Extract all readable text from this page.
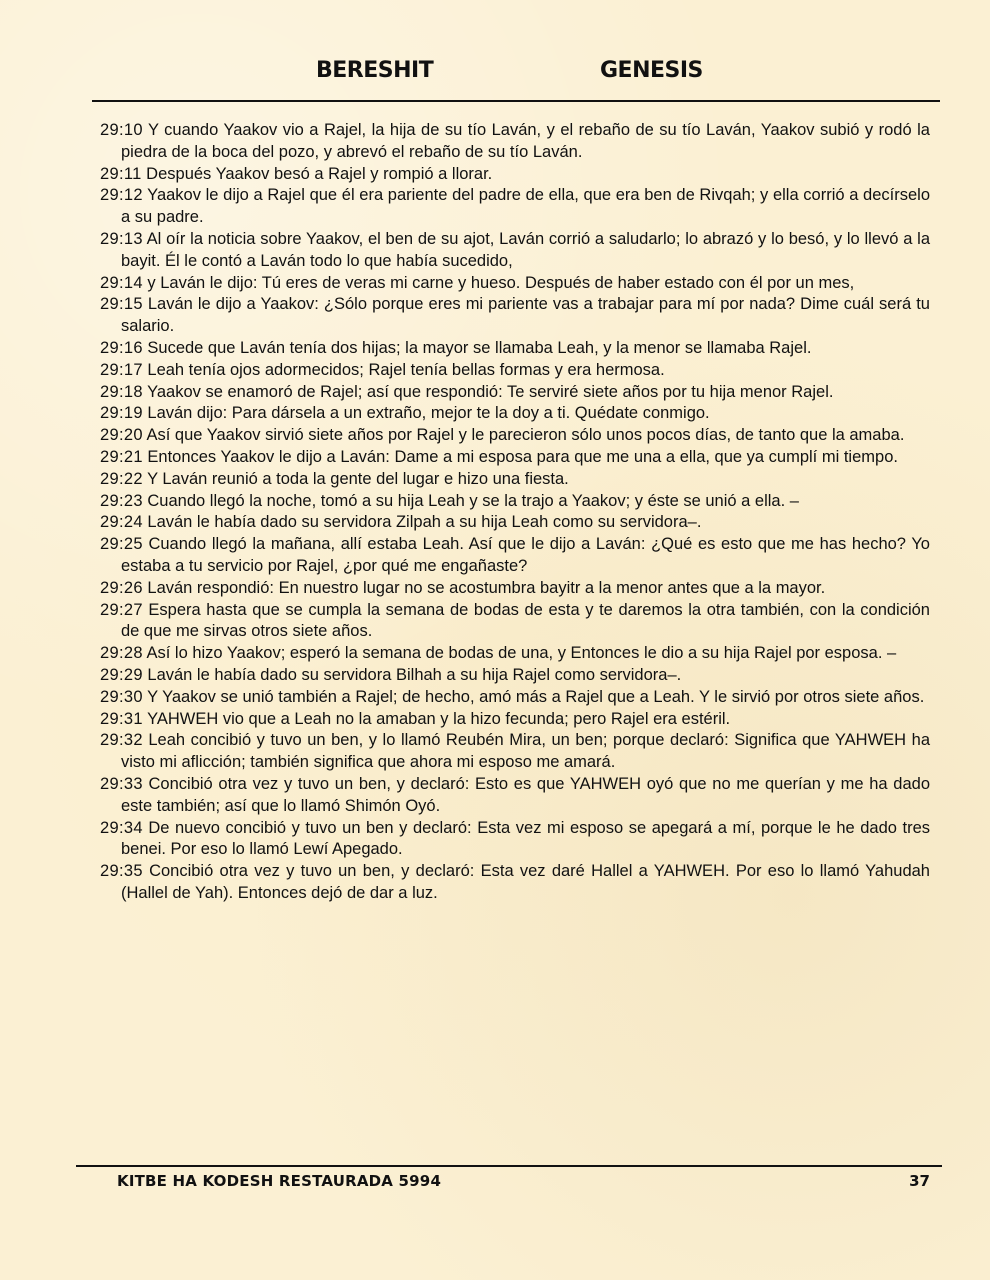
BERESHIT	GENESIS
29:10 Y cuando Yaakov vio a Rajel, la hija de su tío Laván, y el rebaño de su tío Laván, Yaakov subió y rodó la piedra de la boca del pozo, y abrevó el rebaño de su tío Laván.
29:11 Después Yaakov besó a Rajel y rompió a llorar.
29:12 Yaakov le dijo a Rajel que él era pariente del padre de ella, que era ben de Rivqah; y ella corrió a decírselo a su padre.
29:13 Al oír la noticia sobre Yaakov, el ben de su ajot, Laván corrió a saludarlo; lo abrazó y lo besó, y lo llevó a la bayit. Él le contó a Laván todo lo que había sucedido,
29:14 y Laván le dijo: Tú eres de veras mi carne y hueso. Después de haber estado con él por un mes,
29:15 Laván le dijo a Yaakov: ¿Sólo porque eres mi pariente vas a trabajar para mí por nada? Dime cuál será tu salario.
29:16 Sucede que Laván tenía dos hijas; la mayor se llamaba Leah, y la menor se llamaba Rajel.
29:17 Leah tenía ojos adormecidos; Rajel tenía bellas formas y era hermosa.
29:18 Yaakov se enamoró de Rajel; así que respondió: Te serviré siete años por tu hija menor Rajel.
29:19 Laván dijo: Para dársela a un extraño, mejor te la doy a ti. Quédate conmigo.
29:20 Así que Yaakov sirvió siete años por Rajel y le parecieron sólo unos pocos días, de tanto que la amaba.
29:21 Entonces Yaakov le dijo a Laván: Dame a mi esposa para que me una a ella, que ya cumplí mi tiempo.
29:22 Y Laván reunió a toda la gente del lugar e hizo una fiesta.
29:23 Cuando llegó la noche, tomó a su hija Leah y se la trajo a Yaakov; y éste se unió a ella. –
29:24 Laván le había dado su servidora Zilpah a su hija Leah como su servidora–.
29:25 Cuando llegó la mañana, allí estaba Leah. Así que le dijo a Laván: ¿Qué es esto que me has hecho? Yo estaba a tu servicio por Rajel, ¿por qué me engañaste?
29:26 Laván respondió: En nuestro lugar no se acostumbra bayitr a la menor antes que a la mayor.
29:27 Espera hasta que se cumpla la semana de bodas de esta y te daremos la otra también, con la condición de que me sirvas otros siete años.
29:28 Así lo hizo Yaakov; esperó la semana de bodas de una, y Entonces le dio a su hija Rajel por esposa. –
29:29 Laván le había dado su servidora Bilhah a su hija Rajel como servidora–.
29:30 Y Yaakov se unió también a Rajel; de hecho, amó más a Rajel que a Leah. Y le sirvió por otros siete años.
29:31 YAHWEH vio que a Leah no la amaban y la hizo fecunda; pero Rajel era estéril.
29:32 Leah concibió y tuvo un ben, y lo llamó Reubén Mira, un ben; porque declaró: Significa que YAHWEH ha visto mi aflicción; también significa que ahora mi esposo me amará.
29:33 Concibió otra vez y tuvo un ben, y declaró: Esto es que YAHWEH oyó que no me querían y me ha dado este también; así que lo llamó Shimón Oyó.
29:34 De nuevo concibió y tuvo un ben y declaró: Esta vez mi esposo se apegará a mí, porque le he dado tres benei. Por eso lo llamó Lewí Apegado.
29:35 Concibió otra vez y tuvo un ben, y declaró: Esta vez daré Hallel a YAHWEH. Por eso lo llamó Yahudah (Hallel de Yah). Entonces dejó de dar a luz.
KITBE HA KODESH RESTAURADA 5994	37
